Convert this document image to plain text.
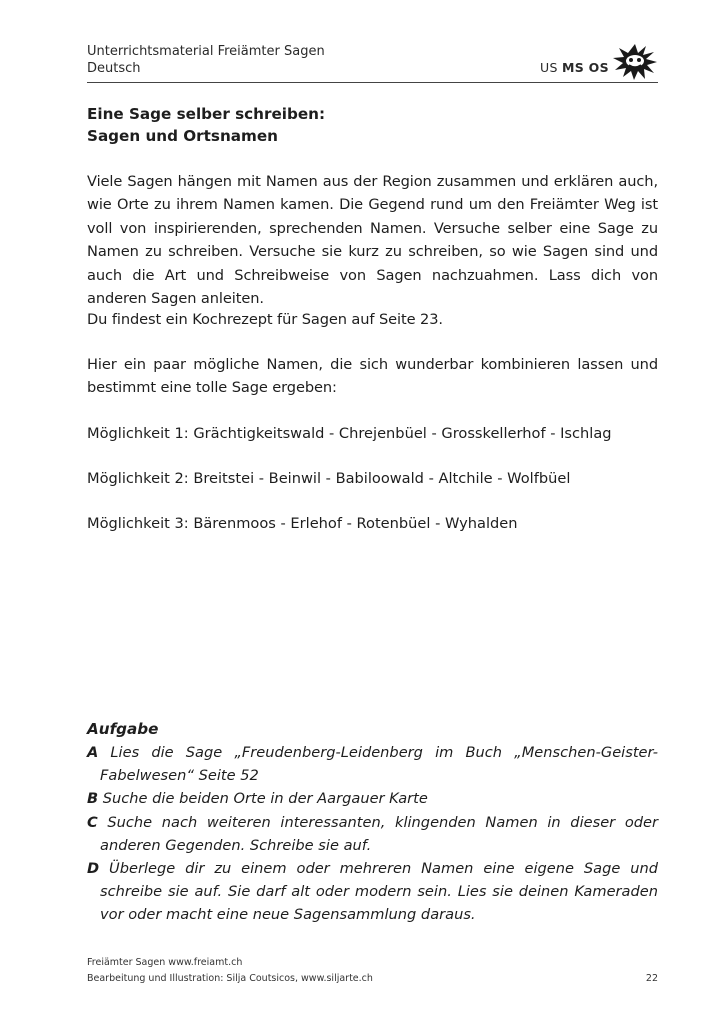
Unterrichtsmaterial Freiämter Sagen
Deutsch	US MS OS
Eine Sage selber schreiben:
Sagen und Ortsnamen

Viele Sagen hängen mit Namen aus der Region zusammen und erklären auch, wie Orte zu ihrem Namen kamen. Die Gegend rund um den Freiämter Weg ist voll von inspirierenden, sprechenden Namen. Versuche selber eine Sage zu Namen zu schreiben. Versuche sie kurz zu schreiben, so wie Sagen sind und auch die Art und Schreibweise von Sagen nachzuahmen. Lass dich von anderen Sagen anleiten.

Du findest ein Kochrezept für Sagen auf Seite 23.

Hier ein paar mögliche Namen, die sich wunderbar kombinieren lassen und bestimmt eine tolle Sage ergeben:

Möglichkeit 1: Grächtigkeitswald - Chrejenbüel - Grosskellerhof - Ischlag
Möglichkeit 2: Breitstei - Beinwil - Babiloowald - Altchile - Wolfbüel
Möglichkeit 3: Bärenmoos - Erlehof - Rotenbüel - Wyhalden
Aufgabe
A Lies die Sage „Freudenberg-Leidenberg im Buch „Menschen-Geister-Fabelwesen“ Seite 52
B Suche die beiden Orte in der Aargauer Karte
C Suche nach weiteren interessanten, klingenden Namen in dieser oder anderen Gegenden. Schreibe sie auf.
D Überlege dir zu einem oder mehreren Namen eine eigene Sage und schreibe sie auf. Sie darf alt oder modern sein. Lies sie deinen Kameraden vor oder macht eine neue Sagensammlung daraus.
Freiämter Sagen www.freiamt.ch
Bearbeitung und Illustration: Silja Coutsicos, www.siljarte.ch	22
